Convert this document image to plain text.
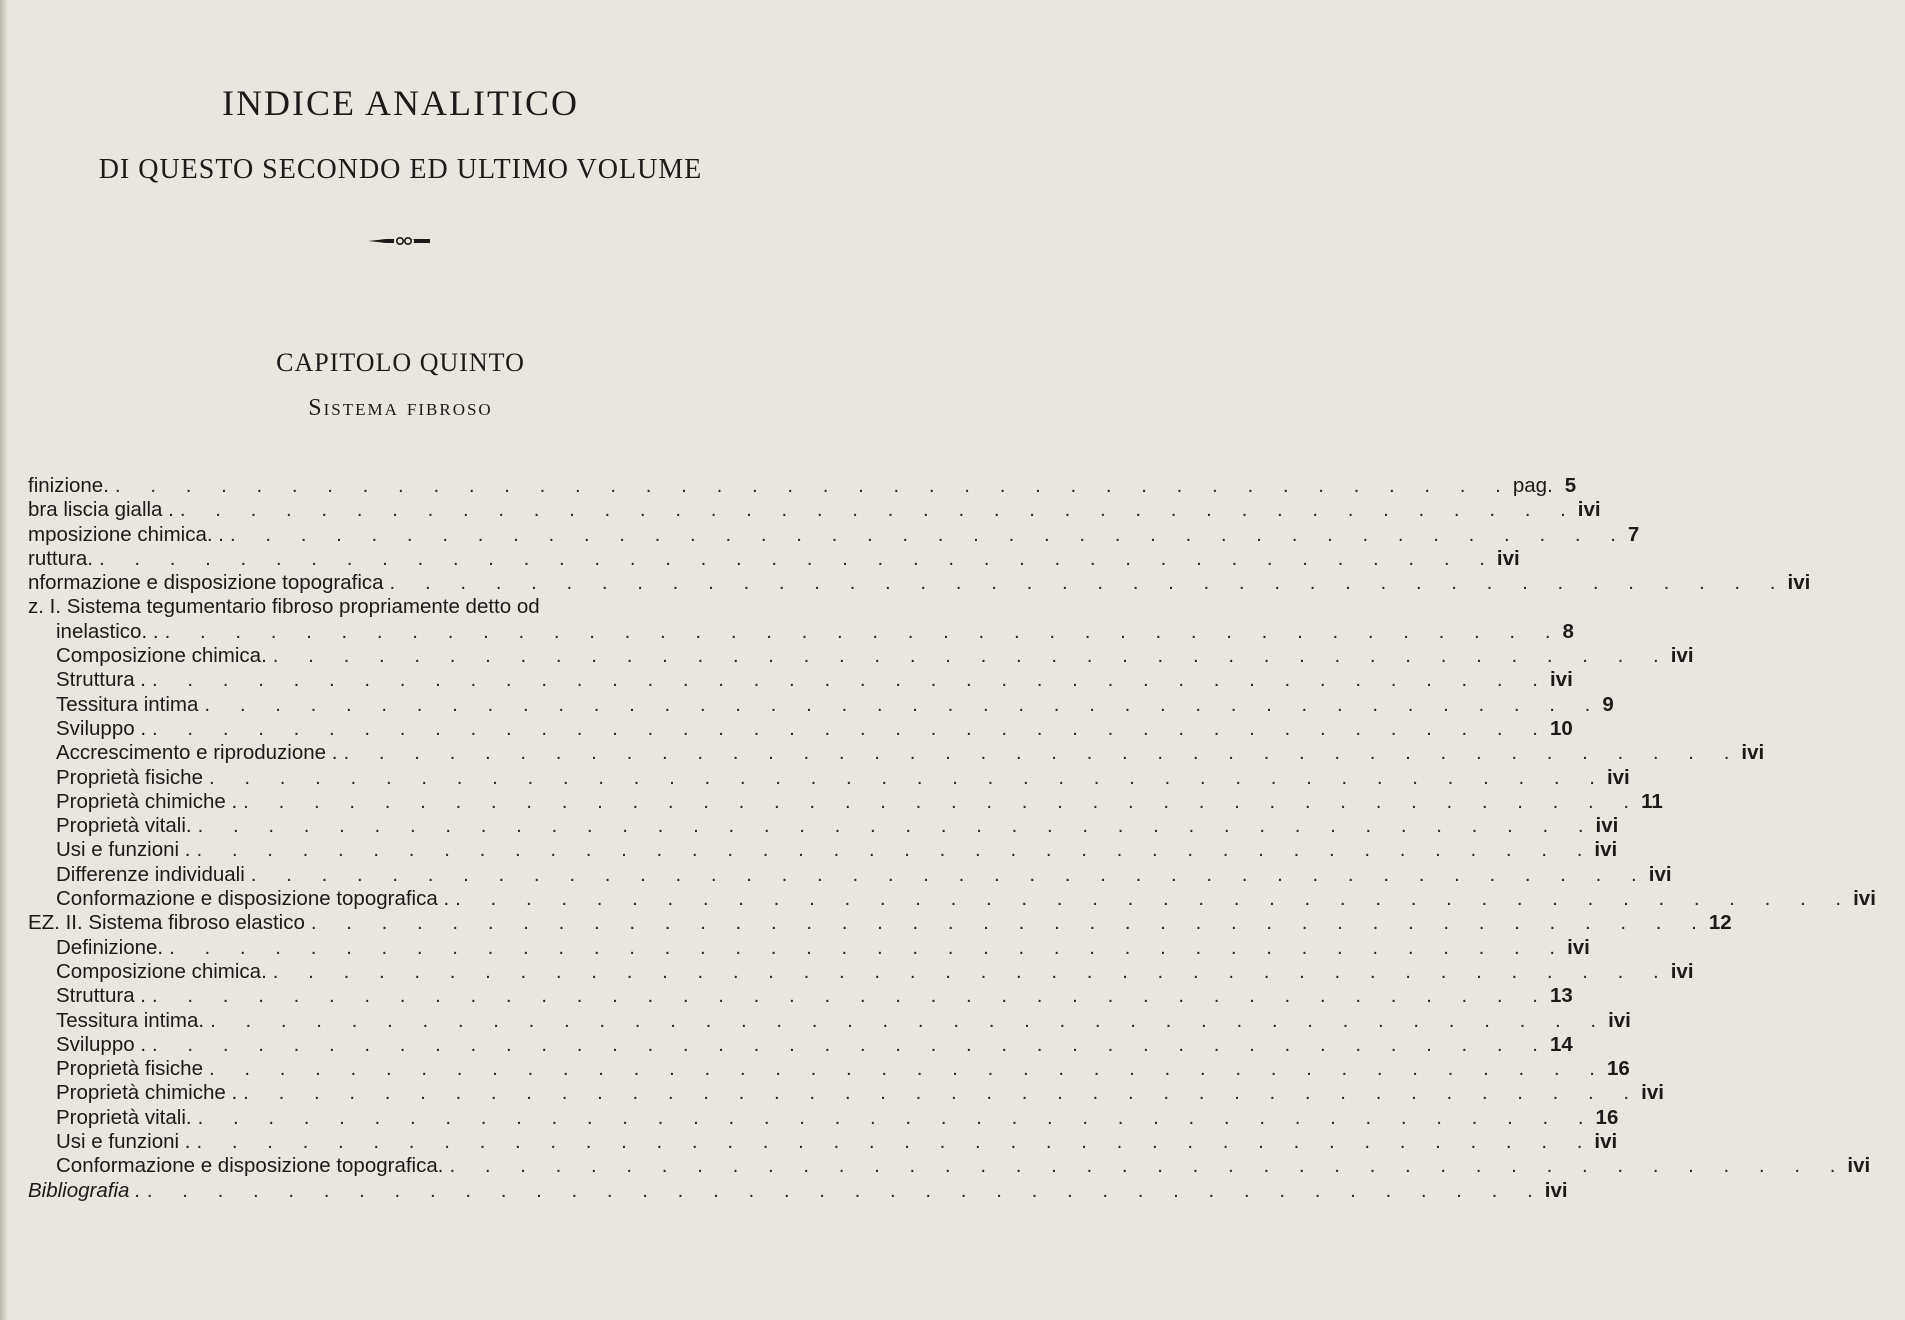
INDICE ANALITICO
DI QUESTO SECONDO ED ULTIMO VOLUME
CAPITOLO QUINTO
SISTEMA FIBROSO
finizione. . . . . . . . . . . . . . . . . . . . . . . . . . . . . . . . . . . . . . . . . pag. 5
bra liscia gialla . . . . . . . . . . . . . . . . . . . . . . . . . . . . . . . . . . . . . . . . . ivi
mposizione chimica. . . . . . . . . . . . . . . . . . . . . . . . . . . . . . . . . . . . . . . . . . 7
ruttura. . . . . . . . . . . . . . . . . . . . . . . . . . . . . . . . . . . . . . . . . ivi
nformazione e disposizione topografica . . . . . . . . . . . . . . . . . . . . . . . . . . . . . . . . . . . . . . . . ivi
z. I. Sistema tegumentario fibroso propriamente detto od
inelastico. . . . . . . . . . . . . . . . . . . . . . . . . . . . . . . . . . . . . . . . . . 8
Composizione chimica. . . . . . . . . . . . . . . . . . . . . . . . . . . . . . . . . . . . . . . . . ivi
Struttura . . . . . . . . . . . . . . . . . . . . . . . . . . . . . . . . . . . . . . . . . ivi
Tessitura intima . . . . . . . . . . . . . . . . . . . . . . . . . . . . . . . . . . . . . . . . 9
Sviluppo . . . . . . . . . . . . . . . . . . . . . . . . . . . . . . . . . . . . . . . . . 10
Accrescimento e riproduzione . . . . . . . . . . . . . . . . . . . . . . . . . . . . . . . . . . . . . . . . . ivi
Proprietà fisiche . . . . . . . . . . . . . . . . . . . . . . . . . . . . . . . . . . . . . . . . ivi
Proprietà chimiche . . . . . . . . . . . . . . . . . . . . . . . . . . . . . . . . . . . . . . . . . 11
Proprietà vitali. . . . . . . . . . . . . . . . . . . . . . . . . . . . . . . . . . . . . . . . . ivi
Usi e funzioni . . . . . . . . . . . . . . . . . . . . . . . . . . . . . . . . . . . . . . . . . ivi
Differenze individuali . . . . . . . . . . . . . . . . . . . . . . . . . . . . . . . . . . . . . . . . ivi
Conformazione e disposizione topografica . . . . . . . . . . . . . . . . . . . . . . . . . . . . . . . . . . . . . . . . . ivi
EZ. II. Sistema fibroso elastico . . . . . . . . . . . . . . . . . . . . . . . . . . . . . . . . . . . . . . . . 12
Definizione. . . . . . . . . . . . . . . . . . . . . . . . . . . . . . . . . . . . . . . . . ivi
Composizione chimica. . . . . . . . . . . . . . . . . . . . . . . . . . . . . . . . . . . . . . . . . ivi
Struttura . . . . . . . . . . . . . . . . . . . . . . . . . . . . . . . . . . . . . . . . . 13
Tessitura intima. . . . . . . . . . . . . . . . . . . . . . . . . . . . . . . . . . . . . . . . . ivi
Sviluppo . . . . . . . . . . . . . . . . . . . . . . . . . . . . . . . . . . . . . . . . . 14
Proprietà fisiche . . . . . . . . . . . . . . . . . . . . . . . . . . . . . . . . . . . . . . . . 16
Proprietà chimiche . . . . . . . . . . . . . . . . . . . . . . . . . . . . . . . . . . . . . . . . . ivi
Proprietà vitali. . . . . . . . . . . . . . . . . . . . . . . . . . . . . . . . . . . . . . . . . 16
Usi e funzioni . . . . . . . . . . . . . . . . . . . . . . . . . . . . . . . . . . . . . . . . . ivi
Conformazione e disposizione topografica. . . . . . . . . . . . . . . . . . . . . . . . . . . . . . . . . . . . . . . . . ivi
Bibliografia . . . . . . . . . . . . . . . . . . . . . . . . . . . . . . . . . . . . . . . . . ivi
